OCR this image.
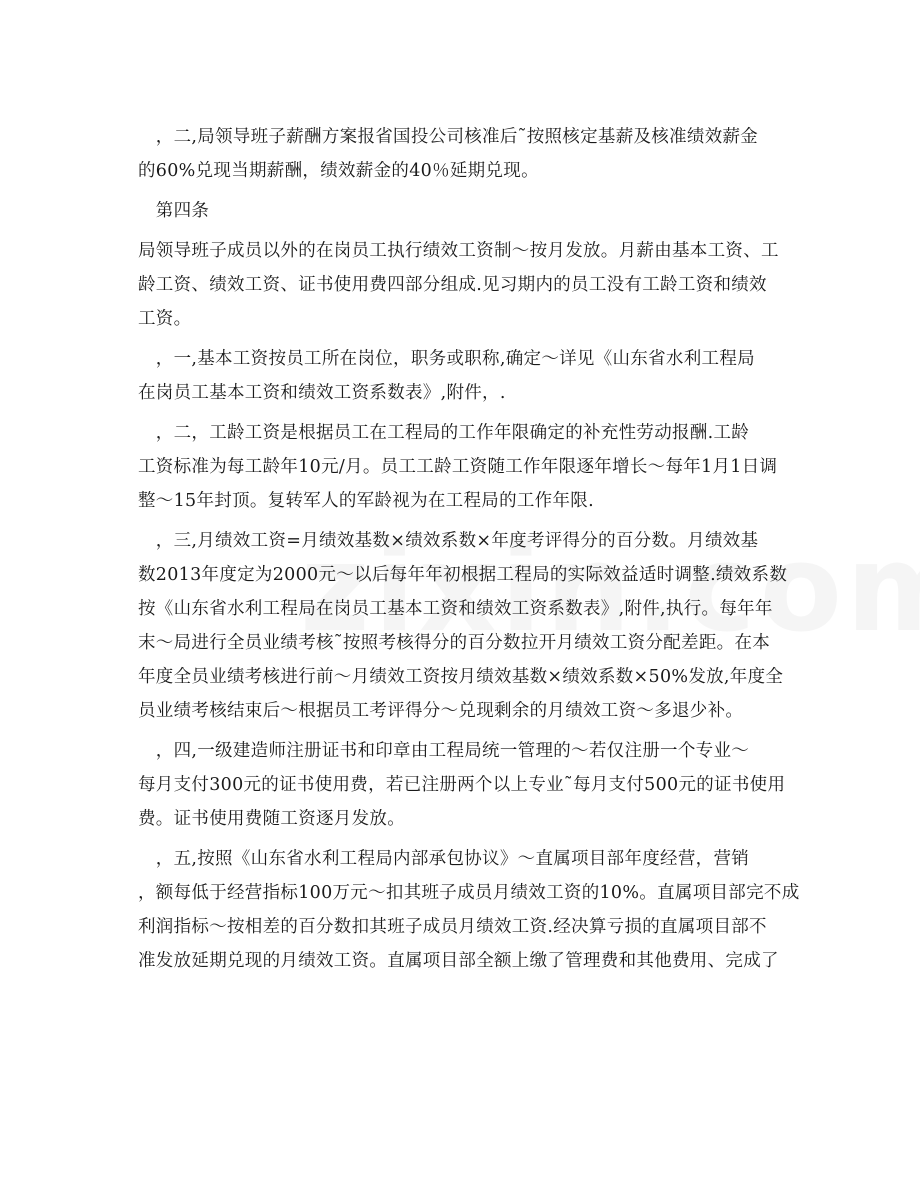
　，二,局领导班子薪酬方案报省国投公司核准后˜按照核定基薪及核准绩效薪金
的60%兑现当期薪酬，绩效薪金的40％延期兑现。

　第四条

局领导班子成员以外的在岗员工执行绩效工资制～按月发放。月薪由基本工资、工
龄工资、绩效工资、证书使用费四部分组成.见习期内的员工没有工龄工资和绩效
工资。

　，一,基本工资按员工所在岗位，职务或职称,确定～详见《山东省水利工程局
在岗员工基本工资和绩效工资系数表》,附件，.

　，二，工龄工资是根据员工在工程局的工作年限确定的补充性劳动报酬.工龄
工资标准为每工龄年10元/月。员工工龄工资随工作年限逐年增长～每年1月1日调
整～15年封顶。复转军人的军龄视为在工程局的工作年限.

　，三,月绩效工资=月绩效基数×绩效系数×年度考评得分的百分数。月绩效基
数2013年度定为2000元～以后每年年初根据工程局的实际效益适时调整.绩效系数
按《山东省水利工程局在岗员工基本工资和绩效工资系数表》,附件,执行。每年年
末～局进行全员业绩考核˜按照考核得分的百分数拉开月绩效工资分配差距。在本
年度全员业绩考核进行前～月绩效工资按月绩效基数×绩效系数×50%发放,年度全
员业绩考核结束后～根据员工考评得分～兑现剩余的月绩效工资～多退少补。

　，四,一级建造师注册证书和印章由工程局统一管理的～若仅注册一个专业～
每月支付300元的证书使用费，若已注册两个以上专业˜每月支付500元的证书使用
费。证书使用费随工资逐月发放。

　，五,按照《山东省水利工程局内部承包协议》～直属项目部年度经营，营销
，额每低于经营指标100万元～扣其班子成员月绩效工资的10%。直属项目部完不成
利润指标～按相差的百分数扣其班子成员月绩效工资.经决算亏损的直属项目部不
准发放延期兑现的月绩效工资。直属项目部全额上缴了管理费和其他费用、完成了
